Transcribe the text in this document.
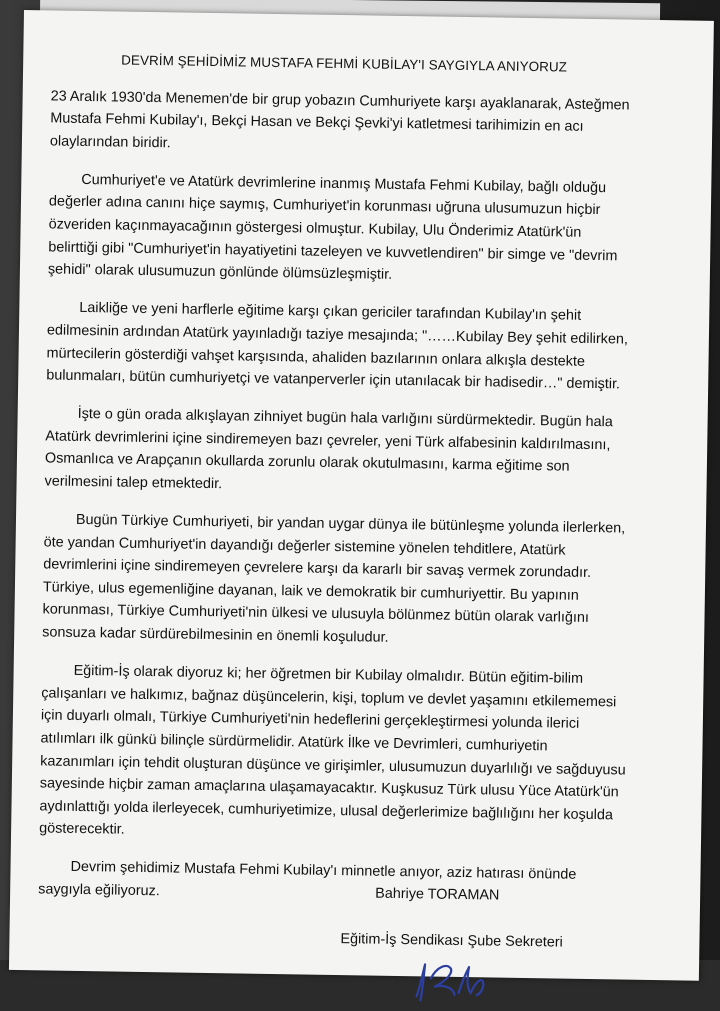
DEVRİM ŞEHİDİMİZ MUSTAFA FEHMİ KUBİLAY'I SAYGIYLA ANIYORUZ

23 Aralık 1930'da Menemen'de bir grup yobazın Cumhuriyete karşı ayaklanarak, Asteğmen
Mustafa Fehmi Kubilay'ı, Bekçi Hasan ve Bekçi Şevki'yi katletmesi tarihimizin en acı
olaylarından biridir.

Cumhuriyet'e ve Atatürk devrimlerine inanmış Mustafa Fehmi Kubilay, bağlı olduğu
değerler adına canını hiçe saymış, Cumhuriyet'in korunması uğruna ulusumuzun hiçbir
özveriden kaçınmayacağının göstergesi olmuştur. Kubilay, Ulu Önderimiz Atatürk'ün
belirttiği gibi "Cumhuriyet'in hayatiyetini tazeleyen ve kuvvetlendiren" bir simge ve "devrim
şehidi" olarak ulusumuzun gönlünde ölümsüzleşmiştir.

Laikliğe ve yeni harflerle eğitime karşı çıkan gericiler tarafından Kubilay'ın şehit
edilmesinin ardından Atatürk yayınladığı taziye mesajında; "……Kubilay Bey şehit edilirken,
mürtecilerin gösterdiği vahşet karşısında, ahaliden bazılarının onlara alkışla destekte
bulunmaları, bütün cumhuriyetçi ve vatanperverler için utanılacak bir hadisedir…" demiştir.

İşte o gün orada alkışlayan zihniyet bugün hala varlığını sürdürmektedir. Bugün hala
Atatürk devrimlerini içine sindiremeyen bazı çevreler, yeni Türk alfabesinin kaldırılmasını,
Osmanlıca ve Arapçanın okullarda zorunlu olarak okutulmasını, karma eğitime son
verilmesini talep etmektedir.

Bugün Türkiye Cumhuriyeti, bir yandan uygar dünya ile bütünleşme yolunda ilerlerken,
öte yandan Cumhuriyet'in dayandığı değerler sistemine yönelen tehditlere, Atatürk
devrimlerini içine sindiremeyen çevrelere karşı da kararlı bir savaş vermek zorundadır.
Türkiye, ulus egemenliğine dayanan, laik ve demokratik bir cumhuriyettir. Bu yapının
korunması, Türkiye Cumhuriyeti'nin ülkesi ve ulusuyla bölünmez bütün olarak varlığını
sonsuza kadar sürdürebilmesinin en önemli koşuludur.

Eğitim-İş olarak diyoruz ki; her öğretmen bir Kubilay olmalıdır. Bütün eğitim-bilim
çalışanları ve halkımız, bağnaz düşüncelerin, kişi, toplum ve devlet yaşamını etkilememesi
için duyarlı olmalı, Türkiye Cumhuriyeti'nin hedeflerini gerçekleştirmesi yolunda ilerici
atılımları ilk günkü bilinçle sürdürmelidir. Atatürk İlke ve Devrimleri, cumhuriyetin
kazanımları için tehdit oluşturan düşünce ve girişimler, ulusumuzun duyarlılığı ve sağduyusu
sayesinde hiçbir zaman amaçlarına ulaşamayacaktır. Kuşkusuz Türk ulusu Yüce Atatürk'ün
aydınlattığı yolda ilerleyecek, cumhuriyetimize, ulusal değerlerimize bağlılığını her koşulda
gösterecektir.

Devrim şehidimiz Mustafa Fehmi Kubilay'ı minnetle anıyor, aziz hatırası önünde
saygıyla eğiliyoruz.	Bahriye TORAMAN
Eğitim-İş Sendikası Şube Sekreteri
